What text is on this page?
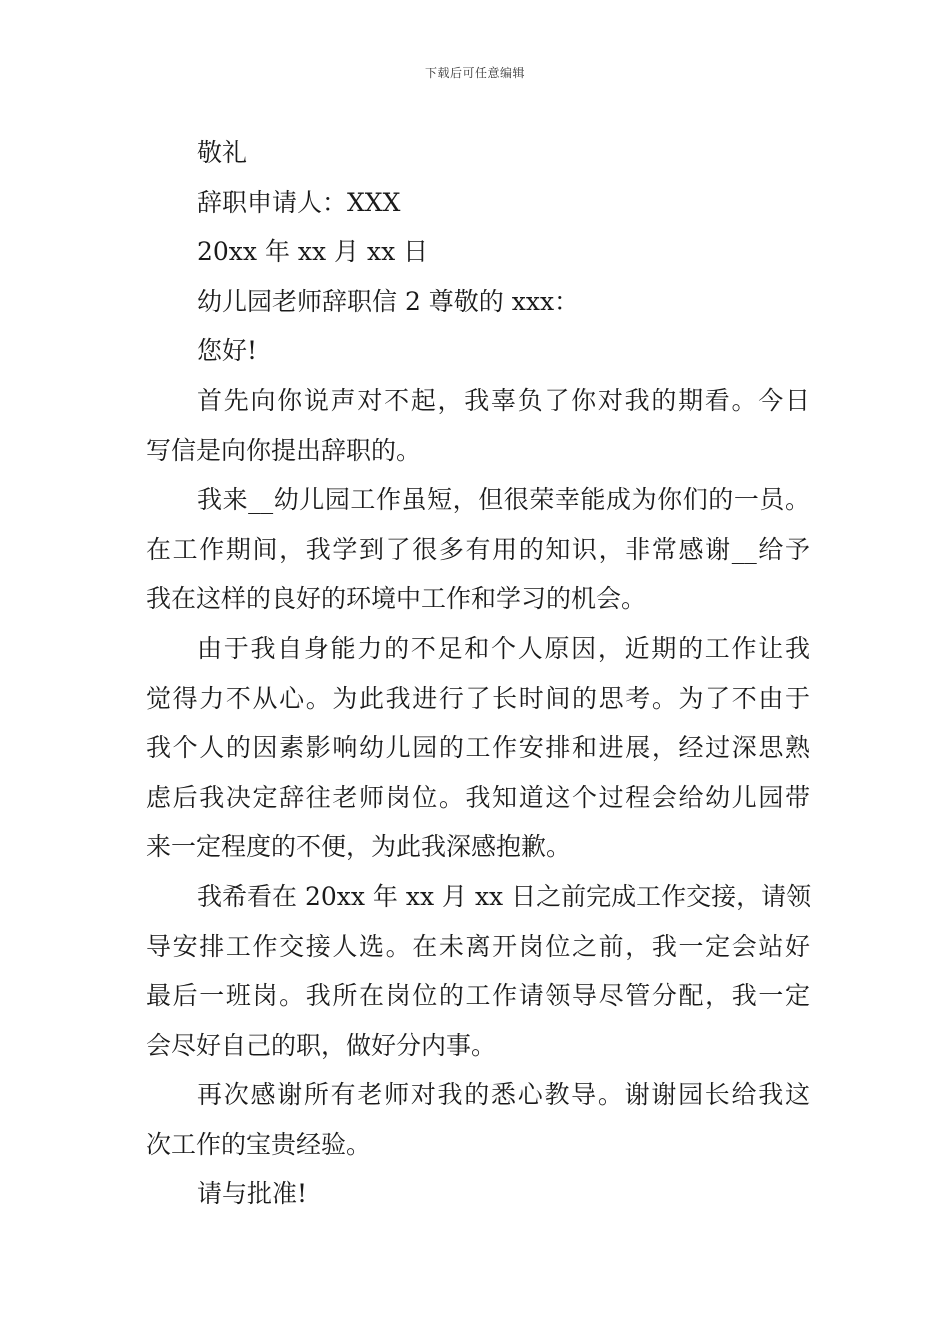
下载后可任意编辑
敬礼
辞职申请人：XXX
20xx 年 xx 月 xx 日
幼儿园老师辞职信 2 尊敬的 xxx：
您好!
首先向你说声对不起，我辜负了你对我的期看。今日
写信是向你提出辞职的。
我来__幼儿园工作虽短，但很荣幸能成为你们的一员。
在工作期间，我学到了很多有用的知识，非常感谢__给予
我在这样的良好的环境中工作和学习的机会。
由于我自身能力的不足和个人原因，近期的工作让我
觉得力不从心。为此我进行了长时间的思考。为了不由于
我个人的因素影响幼儿园的工作安排和进展，经过深思熟
虑后我决定辞往老师岗位。我知道这个过程会给幼儿园带
来一定程度的不便，为此我深感抱歉。
我希看在 20xx 年 xx 月 xx 日之前完成工作交接，请领
导安排工作交接人选。在未离开岗位之前，我一定会站好
最后一班岗。我所在岗位的工作请领导尽管分配，我一定
会尽好自己的职，做好分内事。
再次感谢所有老师对我的悉心教导。谢谢园长给我这
次工作的宝贵经验。
请与批准!
